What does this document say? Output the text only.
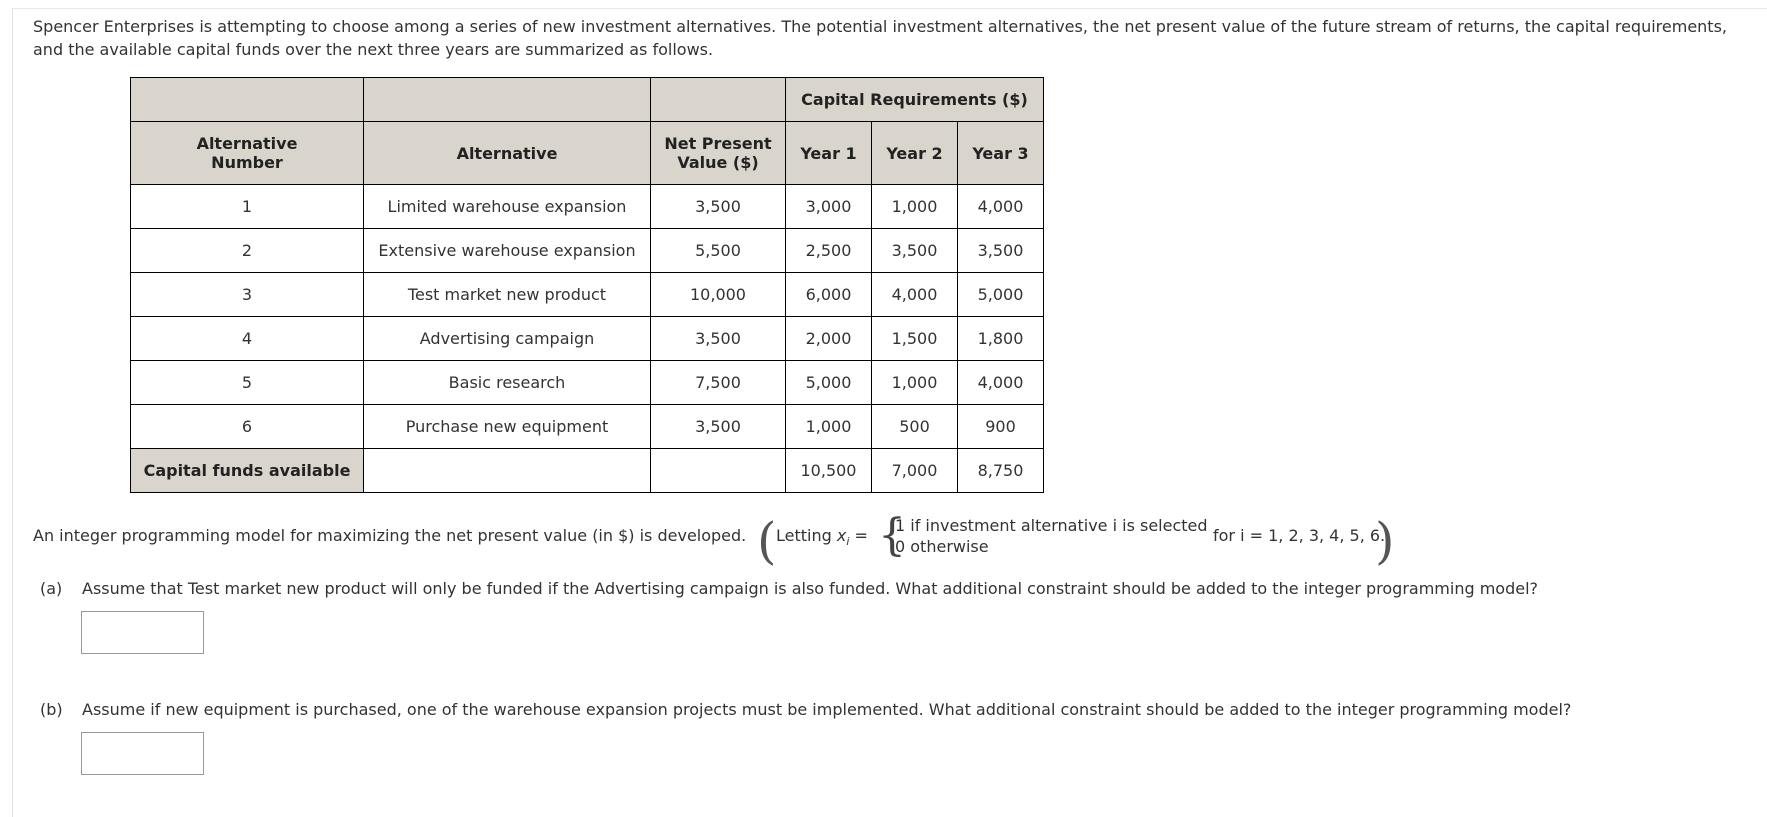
Spencer Enterprises is attempting to choose among a series of new investment alternatives. The potential investment alternatives, the net present value of the future stream of returns, the capital requirements, and the available capital funds over the next three years are summarized as follows.
			Capital Requirements ($)		
Alternative Number	Alternative	Net Present Value ($)	Year 1	Year 2	Year 3
1	Limited warehouse expansion	3,500	3,000	1,000	4,000
2	Extensive warehouse expansion	5,500	2,500	3,500	3,500
3	Test market new product	10,000	6,000	4,000	5,000
4	Advertising campaign	3,500	2,000	1,500	1,800
5	Basic research	7,500	5,000	1,000	4,000
6	Purchase new equipment	3,500	1,000	500	900
Capital funds available			10,500	7,000	8,750
An integer programming model for maximizing the net present value (in $) is developed. ( Letting $x_i$ = {
1 if investment alternative i is selected
0 otherwise
for i = 1, 2, 3, 4, 5, 6.
)
(a) Assume that Test market new product will only be funded if the Advertising campaign is also funded. What additional constraint should be added to the integer programming model?
(b) Assume if new equipment is purchased, one of the warehouse expansion projects must be implemented. What additional constraint should be added to the integer programming model?
